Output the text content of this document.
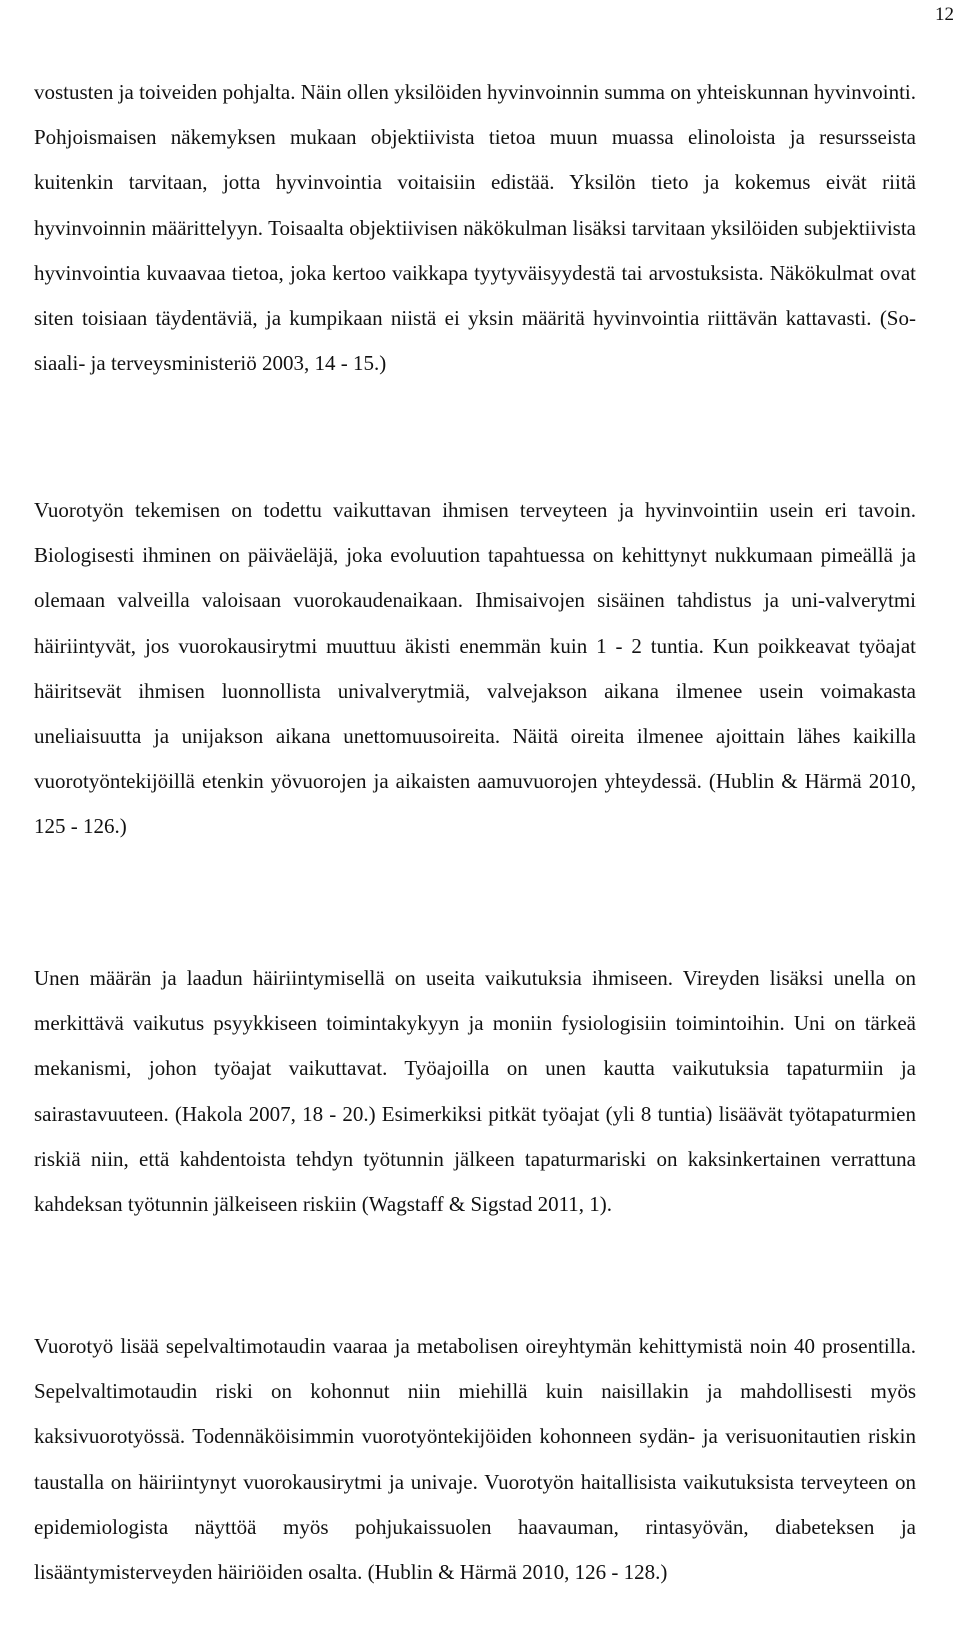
12

vostusten ja toiveiden pohjalta. Näin ollen yksilöiden hyvinvoinnin summa on yhteiskunnan hyvinvointi. Pohjoismaisen näkemyksen mukaan objektiivista tietoa muun muassa elinoloista ja resursseista kuitenkin tarvitaan, jotta hyvinvointia voitaisiin edistää. Yksilön tieto ja kokemus eivät riitä hyvinvoinnin määrittelyyn. Toisaalta objektiivisen näkökulman lisäksi tarvitaan yksilöiden subjektiivista hyvinvointia kuvaavaa tietoa, joka kertoo vaikkapa tyytyväisyydestä tai arvostuksista. Näkökulmat ovat siten toisiaan täydentäviä, ja kumpikaan niistä ei yksin määritä hyvinvointia riittävän kattavasti. (Sosiaali- ja terveysministeriö 2003, 14 - 15.)

Vuorotyön tekemisen on todettu vaikuttavan ihmisen terveyteen ja hyvinvointiin usein eri tavoin. Biologisesti ihminen on päiväeläjä, joka evoluution tapahtuessa on kehittynyt nukkumaan pimeällä ja olemaan valveilla valoisaan vuorokaudenaikaan. Ihmisaivojen sisäinen tahdistus ja uni-valverytmi häiriintyvät, jos vuorokausirytmi muuttuu äkisti enemmän kuin 1 - 2 tuntia. Kun poikkeavat työajat häiritsevät ihmisen luonnollista univalverytmiä, valvejakson aikana ilmenee usein voimakasta uneliaisuutta ja unijakson aikana unettomuusoireita. Näitä oireita ilmenee ajoittain lähes kaikilla vuorotyöntekijöillä etenkin yövuorojen ja aikaisten aamuvuorojen yhteydessä. (Hublin & Härmä 2010, 125 - 126.)

Unen määrän ja laadun häiriintymisellä on useita vaikutuksia ihmiseen. Vireyden lisäksi unella on merkittävä vaikutus psyykkiseen toimintakykyyn ja moniin fysiologisiin toimintoihin. Uni on tärkeä mekanismi, johon työajat vaikuttavat. Työajoilla on unen kautta vaikutuksia tapaturmiin ja sairastavuuteen. (Hakola 2007, 18 - 20.) Esimerkiksi pitkät työajat (yli 8 tuntia) lisäävät työtapaturmien riskiä niin, että kahdentoista tehdyn työtunnin jälkeen tapaturmariski on kaksinkertainen verrattuna kahdeksan työtunnin jälkeiseen riskiin (Wagstaff & Sigstad 2011, 1).

Vuorotyö lisää sepelvaltimotaudin vaaraa ja metabolisen oireyhtymän kehittymistä noin 40 prosentilla. Sepelvaltimotaudin riski on kohonnut niin miehillä kuin naisillakin ja mahdollisesti myös kaksivuorotyössä. Todennäköisimmin vuorotyöntekijöiden kohonneen sydän- ja verisuonitautien riskin taustalla on häiriintynyt vuorokausirytmi ja univaje. Vuorotyön haitallisista vaikutuksista terveyteen on epidemiologista näyttöä myös pohjukaissuolen haavauman, rintasyövän, diabeteksen ja lisääntymisterveyden häiriöiden osalta. (Hublin & Härmä 2010, 126 - 128.)
